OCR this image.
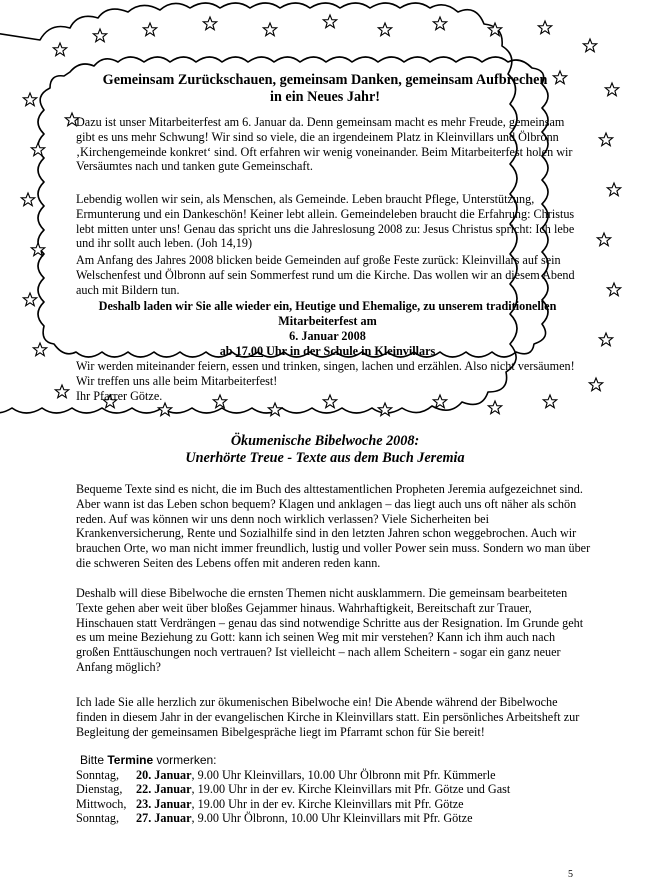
Gemeinsam Zurückschauen, gemeinsam Danken, gemeinsam Aufbrechen
in ein Neues Jahr!
Dazu ist unser Mitarbeiterfest am 6. Januar da. Denn gemeinsam macht es mehr Freude, gemeinsam gibt es uns mehr Schwung! Wir sind so viele, die an irgendeinem Platz in Kleinvillars und Ölbronn ‚Kirchengemeinde konkret‘ sind. Oft erfahren wir wenig voneinander. Beim Mitarbeiterfest holen wir Versäumtes nach und tanken gute Gemeinschaft.
Lebendig wollen wir sein, als Menschen, als Gemeinde. Leben braucht Pflege, Unterstützung, Ermunterung und ein Dankeschön! Keiner lebt allein. Gemeindeleben braucht die Erfahrung: Christus lebt mitten unter uns! Genau das spricht uns die Jahreslosung 2008 zu: Jesus Christus spricht: Ich lebe und ihr sollt auch leben. (Joh 14,19)
Am Anfang des Jahres 2008 blicken beide Gemeinden auf große Feste zurück: Kleinvillars auf sein Welschenfest und Ölbronn auf sein Sommerfest rund um die Kirche. Das wollen wir an diesem Abend auch mit Bildern tun.
Deshalb laden wir Sie alle wieder ein, Heutige und Ehemalige, zu unserem traditionellen Mitarbeiterfest am
6. Januar 2008
ab 17.00 Uhr in der Schule in Kleinvillars
Wir werden miteinander feiern, essen und trinken, singen, lachen und erzählen. Also nicht versäumen! Wir treffen uns alle beim Mitarbeiterfest!
Ihr Pfarrer Götze.
Ökumenische Bibelwoche 2008:
Unerhörte Treue - Texte aus dem Buch Jeremia
Bequeme Texte sind es nicht, die im Buch des alttestamentlichen Propheten Jeremia aufgezeichnet sind. Aber wann ist das Leben schon bequem? Klagen und anklagen – das liegt auch uns oft näher als schön reden. Auf was können wir uns denn noch wirklich verlassen? Viele Sicherheiten bei Krankenversicherung, Rente und Sozialhilfe sind in den letzten Jahren schon weggebrochen. Auch wir brauchen Orte, wo man nicht immer freundlich, lustig und voller Power sein muss. Sondern wo man über die schweren Seiten des Lebens offen mit anderen reden kann.
Deshalb will diese Bibelwoche die ernsten Themen nicht ausklammern. Die gemeinsam bearbeiteten Texte gehen aber weit über bloßes Gejammer hinaus. Wahrhaftigkeit, Bereitschaft zur Trauer, Hinschauen statt Verdrängen – genau das sind notwendige Schritte aus der Resignation. Im Grunde geht es um meine Beziehung zu Gott: kann ich seinen Weg mit mir verstehen? Kann ich ihm auch nach großen Enttäuschungen noch vertrauen? Ist vielleicht – nach allem Scheitern - sogar ein ganz neuer Anfang möglich?
Ich lade Sie alle herzlich zur ökumenischen Bibelwoche ein! Die Abende während der Bibelwoche finden in diesem Jahr in der evangelischen Kirche in Kleinvillars statt. Ein persönliches Arbeitsheft zur Begleitung der gemeinsamen Bibelgespräche liegt im Pfarramt schon für Sie bereit!
Bitte Termine vormerken:
Sonntag,	20. Januar, 9.00 Uhr Kleinvillars, 10.00 Uhr Ölbronn mit Pfr. Kümmerle
Dienstag,	22. Januar, 19.00 Uhr in der ev. Kirche Kleinvillars mit Pfr. Götze und Gast
Mittwoch,	23. Januar, 19.00 Uhr in der ev. Kirche Kleinvillars mit Pfr. Götze
Sonntag,	27. Januar, 9.00 Uhr Ölbronn, 10.00 Uhr Kleinvillars mit Pfr. Götze
5
